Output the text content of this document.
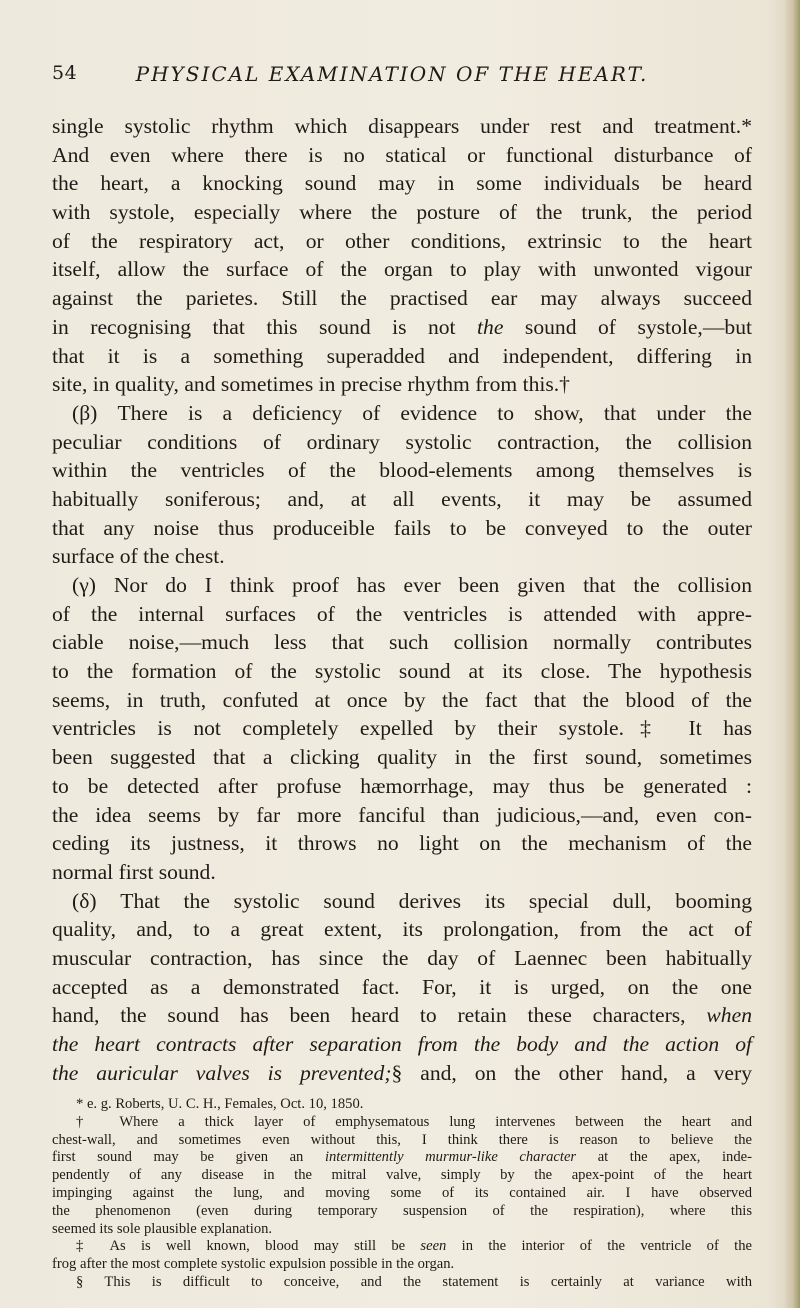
54	PHYSICAL EXAMINATION OF THE HEART.
single systolic rhythm which disappears under rest and treatment.*
And even where there is no statical or functional disturbance of
the heart, a knocking sound may in some individuals be heard
with systole, especially where the posture of the trunk, the period
of the respiratory act, or other conditions, extrinsic to the heart
itself, allow the surface of the organ to play with unwonted vigour
against the parietes. Still the practised ear may always succeed
in recognising that this sound is not the sound of systole,—but
that it is a something superadded and independent, differing in
site, in quality, and sometimes in precise rhythm from this.†
(β) There is a deficiency of evidence to show, that under the
peculiar conditions of ordinary systolic contraction, the collision
within the ventricles of the blood-elements among themselves is
habitually soniferous; and, at all events, it may be assumed
that any noise thus produceible fails to be conveyed to the outer
surface of the chest.
(γ) Nor do I think proof has ever been given that the collision
of the internal surfaces of the ventricles is attended with appre-
ciable noise,—much less that such collision normally contributes
to the formation of the systolic sound at its close. The hypothesis
seems, in truth, confuted at once by the fact that the blood of the
ventricles is not completely expelled by their systole.‡ It has
been suggested that a clicking quality in the first sound, sometimes
to be detected after profuse hæmorrhage, may thus be generated :
the idea seems by far more fanciful than judicious,—and, even con-
ceding its justness, it throws no light on the mechanism of the
normal first sound.
(δ) That the systolic sound derives its special dull, booming
quality, and, to a great extent, its prolongation, from the act of
muscular contraction, has since the day of Laennec been habitually
accepted as a demonstrated fact. For, it is urged, on the one
hand, the sound has been heard to retain these characters, when
the heart contracts after separation from the body and the action of
the auricular valves is prevented;§ and, on the other hand, a very
* e. g. Roberts, U. C. H., Females, Oct. 10, 1850.
† Where a thick layer of emphysematous lung intervenes between the heart and
chest-wall, and sometimes even without this, I think there is reason to believe the
first sound may be given an intermittently murmur-like character at the apex, inde-
pendently of any disease in the mitral valve, simply by the apex-point of the heart
impinging against the lung, and moving some of its contained air. I have observed
the phenomenon (even during temporary suspension of the respiration), where this
seemed its sole plausible explanation.
‡ As is well known, blood may still be seen in the interior of the ventricle of the
frog after the most complete systolic expulsion possible in the organ.
§ This is difficult to conceive, and the statement is certainly at variance with
